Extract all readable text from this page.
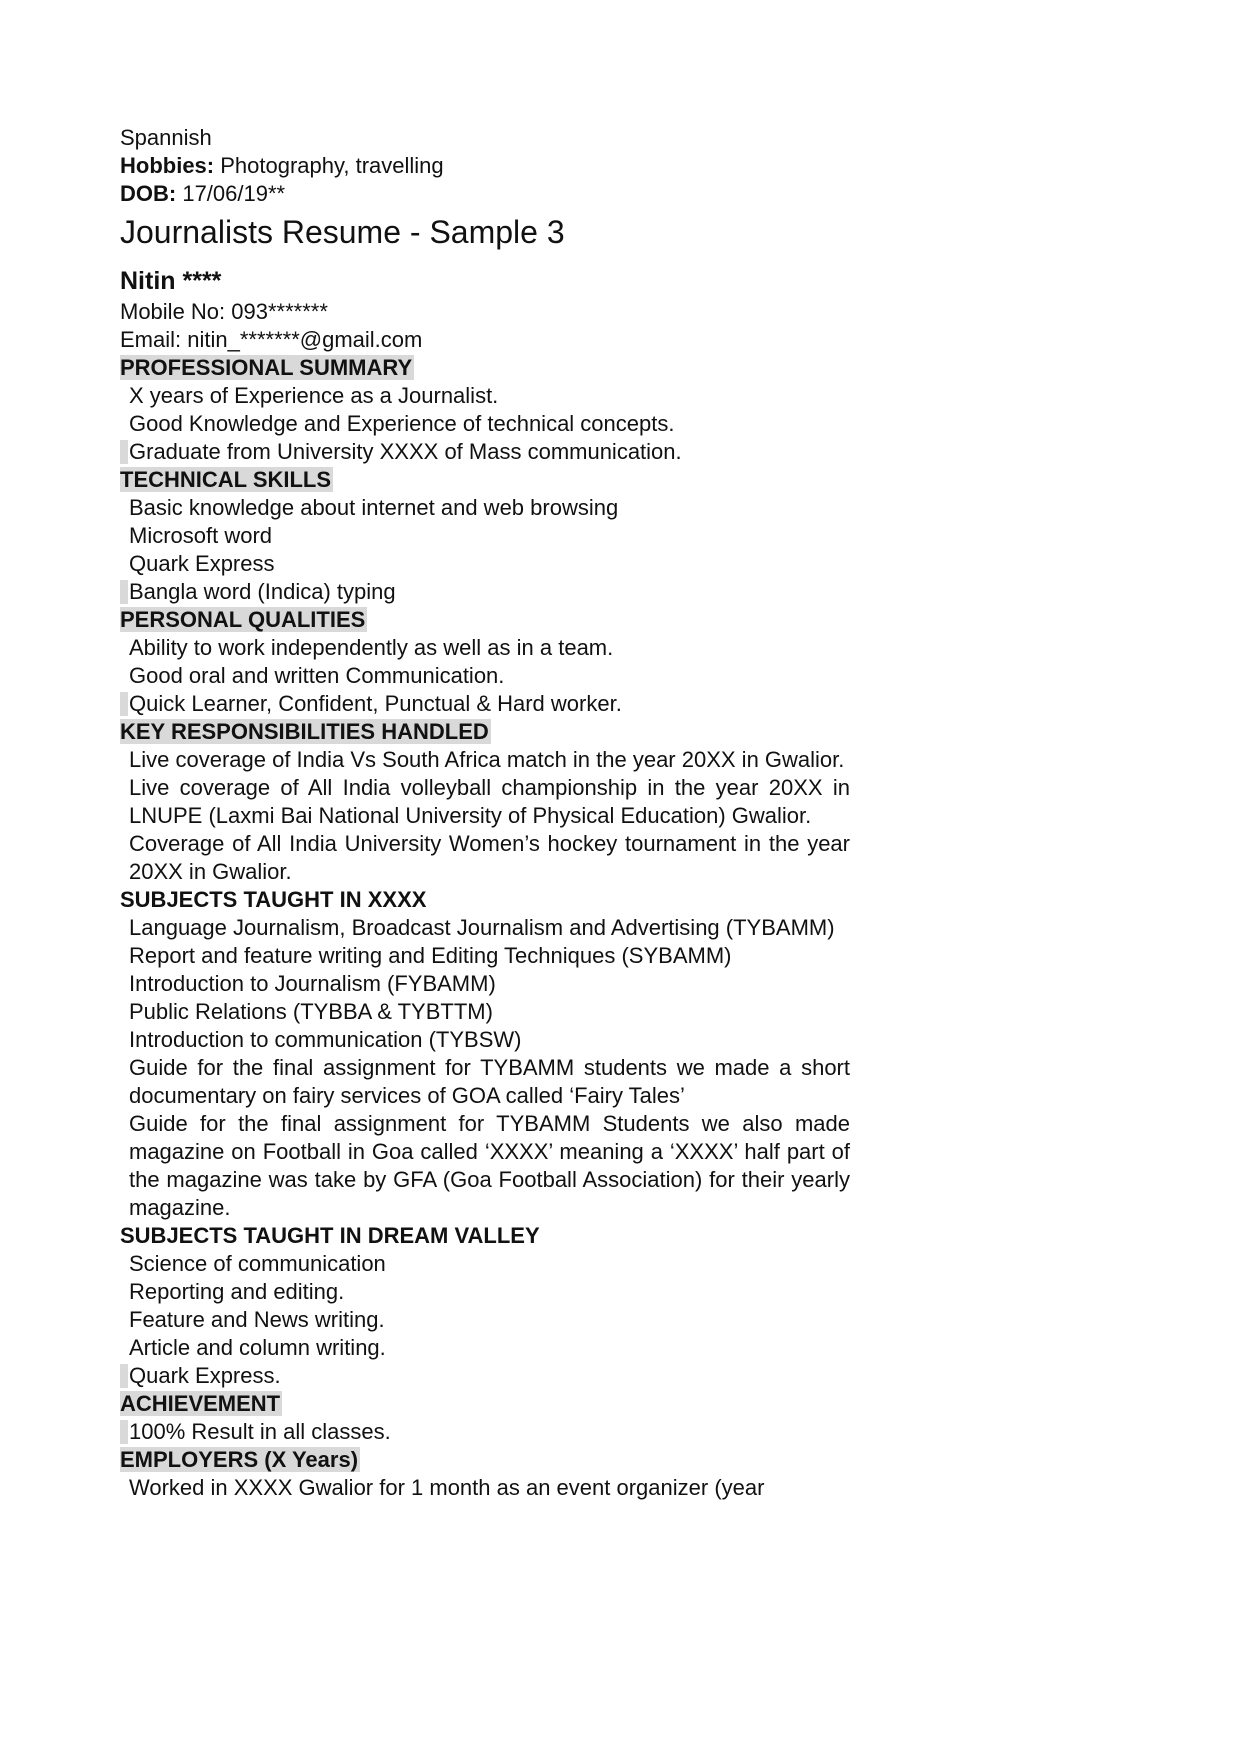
Spannish
Hobbies: Photography, travelling
DOB: 17/06/19**
Journalists Resume - Sample 3
Nitin ****
Mobile No: 093*******
Email: nitin_*******@gmail.com
PROFESSIONAL SUMMARY
X years of Experience as a Journalist.
Good Knowledge and Experience of technical concepts.
Graduate from University XXXX of Mass communication.
TECHNICAL SKILLS
Basic knowledge about internet and web browsing
Microsoft word
Quark Express
Bangla word (Indica) typing
PERSONAL QUALITIES
Ability to work independently as well as in a team.
Good oral and written Communication.
Quick Learner, Confident, Punctual & Hard worker.
KEY RESPONSIBILITIES HANDLED
Live coverage of India Vs South Africa match in the year 20XX in Gwalior.
Live coverage of All India volleyball championship in the year 20XX in LNUPE (Laxmi Bai National University of Physical Education) Gwalior.
Coverage of All India University Women’s hockey tournament in the year 20XX in Gwalior.
SUBJECTS TAUGHT IN XXXX
Language Journalism, Broadcast Journalism and Advertising (TYBAMM)
Report and feature writing and Editing Techniques (SYBAMM)
Introduction to Journalism (FYBAMM)
Public Relations (TYBBA & TYBTTM)
Introduction to communication (TYBSW)
Guide for the final assignment for TYBAMM students we made a short documentary on fairy services of GOA called ‘Fairy Tales’
Guide for the final assignment for TYBAMM Students we also made magazine on Football in Goa called ‘XXXX’ meaning a ‘XXXX’ half part of the magazine was take by GFA (Goa Football Association) for their yearly magazine.
SUBJECTS TAUGHT IN DREAM VALLEY
Science of communication
Reporting and editing.
Feature and News writing.
Article and column writing.
Quark Express.
ACHIEVEMENT
100% Result in all classes.
EMPLOYERS (X Years)
Worked in XXXX Gwalior for 1 month as an event organizer (year
